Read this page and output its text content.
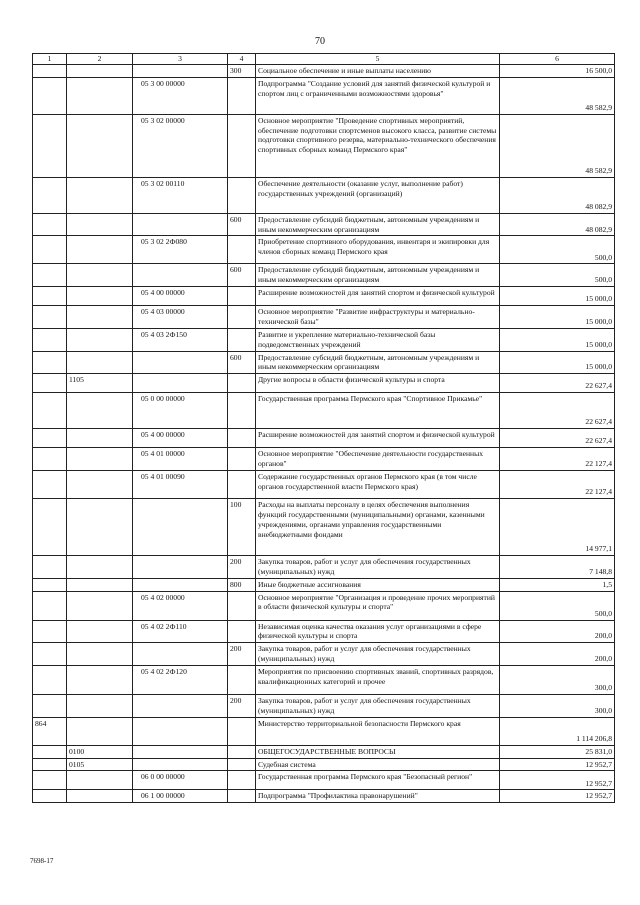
70
1	2	3	4	5	6
			300	Социальное обеспечение и иные выплаты населению	16 500,0
		05 3 00 00000		Подпрограмма "Создание условий для занятий физической культурой и спортом лиц с ограниченными возможностями здоровья"	48 582,9
		05 3 02 00000		Основное мероприятие "Проведение спортивных мероприятий, обеспечение подготовки спортсменов высокого класса, развитие системы подготовки спортивного резерва, материально-технического обеспечения спортивных сборных команд Пермского края"	48 582,9
		05 3 02 00110		Обеспечение деятельности (оказание услуг, выполнение работ) государственных учреждений (организаций)	48 082,9
			600	Предоставление субсидий бюджетным, автономным учреждениям и иным некоммерческим организациям	48 082,9
		05 3 02 2Ф080		Приобретение спортивного оборудования, инвентаря и экипировки для членов сборных команд Пермского края	500,0
			600	Предоставление субсидий бюджетным, автономным учреждениям и иным некоммерческим организациям	500,0
		05 4 00 00000		Расширение возможностей для занятий спортом и физической культурой	15 000,0
		05 4 03 00000		Основное мероприятие "Развитие инфраструктуры и материально-технической базы"	15 000,0
		05 4 03 2Ф150		Развитие и укрепление материально-технической базы подведомственных учреждений	15 000,0
			600	Предоставление субсидий бюджетным, автономным учреждениям и иным некоммерческим организациям	15 000,0
	1105			Другие вопросы в области физической культуры и спорта	22 627,4
		05 0 00 00000		Государственная программа Пермского края "Спортивное Прикамье"	22 627,4
		05 4 00 00000		Расширение возможностей для занятий спортом и физической культурой	22 627,4
		05 4 01 00000		Основное мероприятие "Обеспечение деятельности государственных органов"	22 127,4
		05 4 01 00090		Содержание государственных органов Пермского края (в том числе органов государственной власти Пермского края)	22 127,4
			100	Расходы на выплаты персоналу в целях обеспечения выполнения функций государственными (муниципальными) органами, казенными учреждениями, органами управления государственными внебюджетными фондами	14 977,1
			200	Закупка товаров, работ и услуг для обеспечения государственных (муниципальных) нужд	7 148,8
			800	Иные бюджетные ассигнования	1,5
		05 4 02 00000		Основное мероприятие "Организация и проведение прочих мероприятий в области физической культуры и спорта"	500,0
		05 4 02 2Ф110		Независимая оценка качества оказания услуг организациями в сфере физической культуры и спорта	200,0
			200	Закупка товаров, работ и услуг для обеспечения государственных (муниципальных) нужд	200,0
		05 4 02 2Ф120		Мероприятия по присвоению спортивных званий, спортивных разрядов, квалификационных категорий и прочее	300,0
			200	Закупка товаров, работ и услуг для обеспечения государственных (муниципальных) нужд	300,0
864				Министерство территориальной безопасности Пермского края	1 114 206,8
	0100			ОБЩЕГОСУДАРСТВЕННЫЕ ВОПРОСЫ	25 831,0
	0105			Судебная система	12 952,7
		06 0 00 00000		Государственная программа Пермского края "Безопасный регион"	12 952,7
		06 1 00 00000		Подпрограмма "Профилактика правонарушений"	12 952,7
7698-17
